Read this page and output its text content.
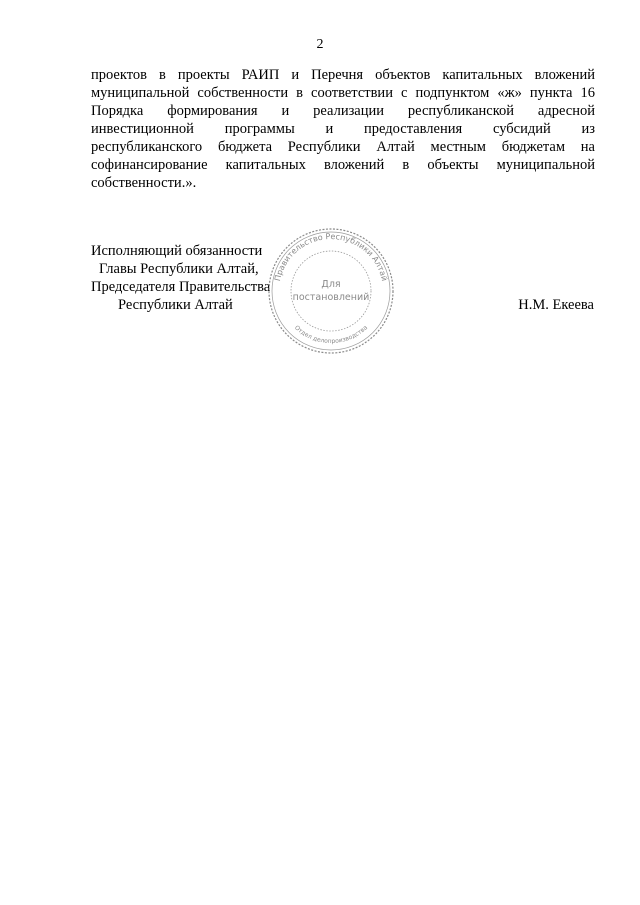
2
проектов в проекты РАИП и Перечня объектов капитальных вложений
муниципальной собственности в соответствии с подпунктом «ж» пункта 16
Порядка формирования и реализации республиканской адресной
инвестиционной программы и предоставления субсидий из
республиканского бюджета Республики Алтай местным бюджетам на
софинансирование капитальных вложений в объекты муниципальной
собственности.».
Исполняющий обязанности
Главы Республики Алтай,
Председателя Правительства
Республики Алтай	Н.М. Екеева
Правительство Республики Алтай
Отдел делопроизводства
Для
постановлений
